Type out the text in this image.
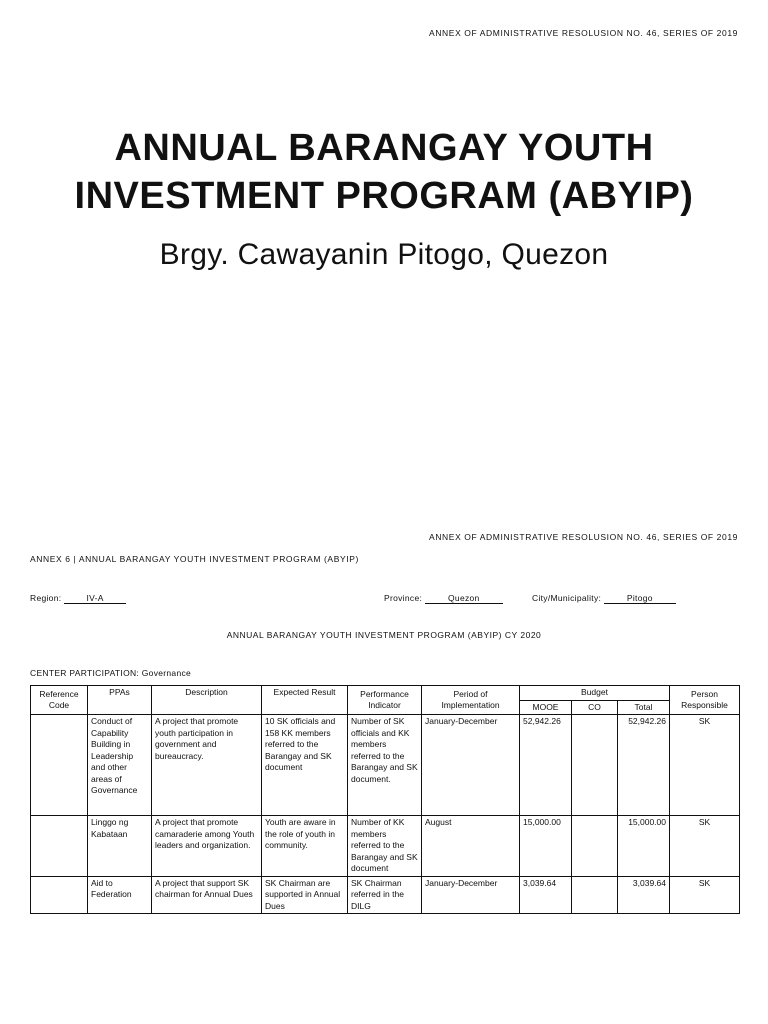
ANNEX OF ADMINISTRATIVE RESOLUSION NO. 46, SERIES OF 2019
ANNUAL BARANGAY YOUTH
INVESTMENT PROGRAM (ABYIP)
Brgy. Cawayanin Pitogo, Quezon
ANNEX OF ADMINISTRATIVE RESOLUSION NO. 46, SERIES OF 2019
ANNEX 6 | ANNUAL BARANGAY YOUTH INVESTMENT PROGRAM (ABYIP)
Region:	IV-A	Province:	Quezon	City/Municipality:	Pitogo
ANNUAL BARANGAY YOUTH INVESTMENT PROGRAM (ABYIP) CY 2020
CENTER PARTICIPATION: Governance
Reference Code	PPAs	Description	Expected Result	Performance Indicator	Period of Implementation	Budget			Person Responsible
						MOOE	CO	Total	
	Conduct of Capability Building in Leadership and other areas of Governance	A project that promote youth participation in government and bureaucracy.	10 SK officials and 158 KK members referred to the Barangay and SK document	Number of SK officials and KK members referred to the Barangay and SK document.	January-December	52,942.26		52,942.26	SK
	Linggo ng Kabataan	A project that promote camaraderie among Youth leaders and organization.	Youth are aware in the role of youth in community.	Number of KK members referred to the Barangay and SK document	August	15,000.00		15,000.00	SK
	Aid to Federation	A project that support SK chairman for Annual Dues	SK Chairman are supported in Annual Dues	SK Chairman referred in the DILG	January-December	3,039.64		3,039.64	SK
